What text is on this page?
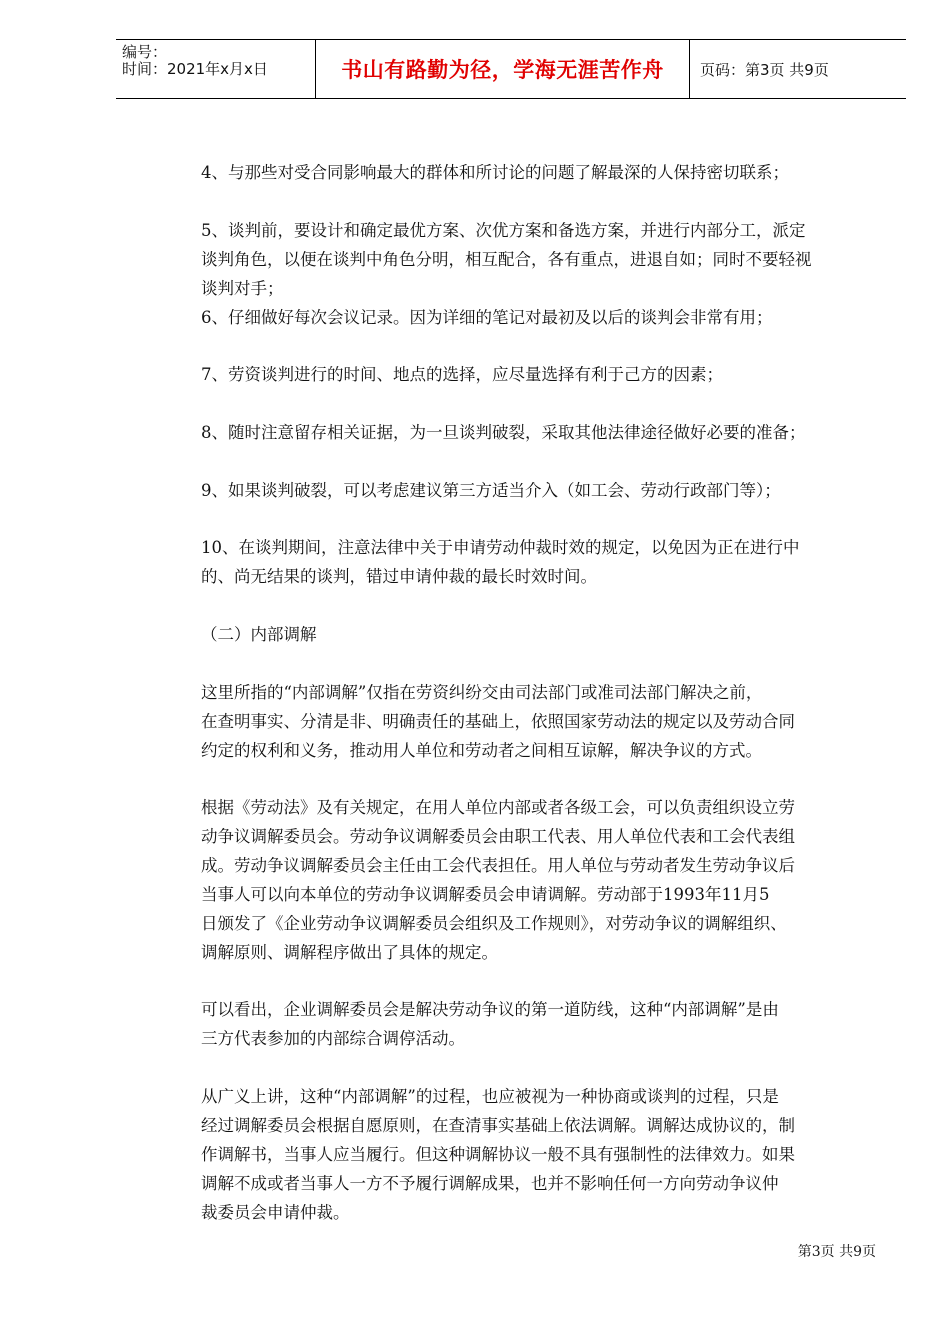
编号：
时间：2021年x月x日	书山有路勤为径，学海无涯苦作舟 页码：第3页 共9页
4、与那些对受合同影响最大的群体和所讨论的问题了解最深的人保持密切联系；
5、谈判前，要设计和确定最优方案、次优方案和备选方案，并进行内部分工，派定
谈判角色，以便在谈判中角色分明，相互配合，各有重点，进退自如；同时不要轻视
谈判对手；
6、仔细做好每次会议记录。因为详细的笔记对最初及以后的谈判会非常有用；
7、劳资谈判进行的时间、地点的选择，应尽量选择有利于己方的因素；
8、随时注意留存相关证据，为一旦谈判破裂，采取其他法律途径做好必要的准备；
9、如果谈判破裂，可以考虑建议第三方适当介入（如工会、劳动行政部门等）；
10、在谈判期间，注意法律中关于申请劳动仲裁时效的规定，以免因为正在进行中
的、尚无结果的谈判，错过申请仲裁的最长时效时间。
（二）内部调解
这里所指的“内部调解”仅指在劳资纠纷交由司法部门或准司法部门解决之前，
在查明事实、分清是非、明确责任的基础上，依照国家劳动法的规定以及劳动合同
约定的权利和义务，推动用人单位和劳动者之间相互谅解，解决争议的方式。
根据《劳动法》及有关规定，在用人单位内部或者各级工会，可以负责组织设立劳
动争议调解委员会。劳动争议调解委员会由职工代表、用人单位代表和工会代表组
成。劳动争议调解委员会主任由工会代表担任。用人单位与劳动者发生劳动争议后
当事人可以向本单位的劳动争议调解委员会申请调解。劳动部于1993年11月5
日颁发了《企业劳动争议调解委员会组织及工作规则》，对劳动争议的调解组织、
调解原则、调解程序做出了具体的规定。
可以看出，企业调解委员会是解决劳动争议的第一道防线，这种“内部调解”是由
三方代表参加的内部综合调停活动。
从广义上讲，这种“内部调解”的过程，也应被视为一种协商或谈判的过程，只是
经过调解委员会根据自愿原则，在查清事实基础上依法调解。调解达成协议的，制
作调解书，当事人应当履行。但这种调解协议一般不具有强制性的法律效力。如果
调解不成或者当事人一方不予履行调解成果，也并不影响任何一方向劳动争议仲
裁委员会申请仲裁。
第3页 共9页
